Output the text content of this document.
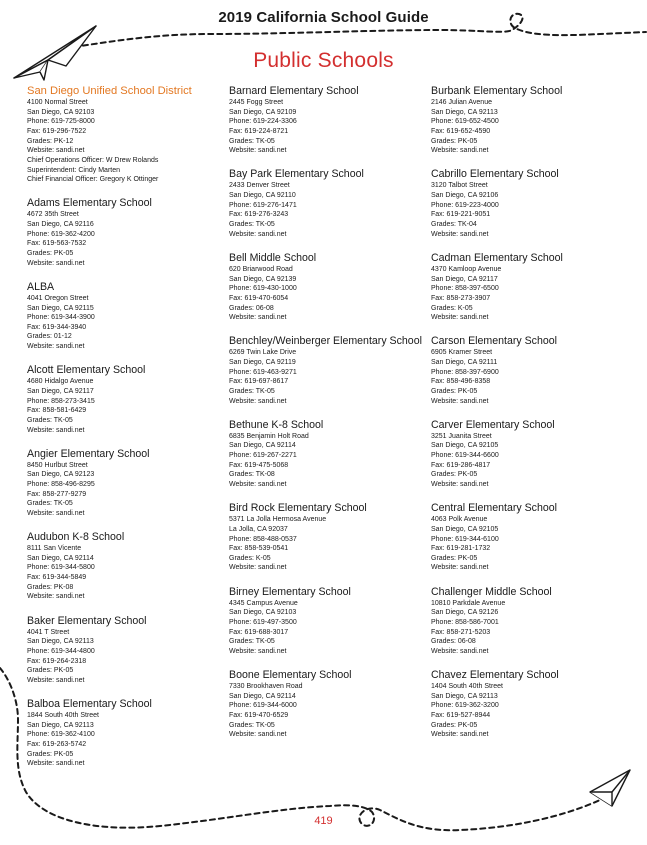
2019 California School Guide
Public Schools
San Diego Unified School District
4100 Normal Street
San Diego, CA 92103
Phone: 619-725-8000
Fax: 619-296-7522
Grades: PK-12
Website: sandi.net
Chief Operations Officer: W Drew Rolands
Superintendent: Cindy Marten
Chief Financial Officer: Gregory K Ottinger
Adams Elementary School
4672 35th Street
San Diego, CA 92116
Phone: 619-362-4200
Fax: 619-563-7532
Grades: PK-05
Website: sandi.net
ALBA
4041 Oregon Street
San Diego, CA 92115
Phone: 619-344-3900
Fax: 619-344-3940
Grades: 01-12
Website: sandi.net
Alcott Elementary School
4680 Hidalgo Avenue
San Diego, CA 92117
Phone: 858-273-3415
Fax: 858-581-6429
Grades: TK-05
Website: sandi.net
Angier Elementary School
8450 Hurlbut Street
San Diego, CA 92123
Phone: 858-496-8295
Fax: 858-277-9279
Grades: TK-05
Website: sandi.net
Audubon K-8 School
8111 San Vicente
San Diego, CA 92114
Phone: 619-344-5800
Fax: 619-344-5849
Grades: PK-08
Website: sandi.net
Baker Elementary School
4041 T Street
San Diego, CA 92113
Phone: 619-344-4800
Fax: 619-264-2318
Grades: PK-05
Website: sandi.net
Balboa Elementary School
1844 South 40th Street
San Diego, CA 92113
Phone: 619-362-4100
Fax: 619-263-5742
Grades: PK-05
Website: sandi.net
Barnard Elementary School
2445 Fogg Street
San Diego, CA 92109
Phone: 619-224-3306
Fax: 619-224-8721
Grades: TK-05
Website: sandi.net
Bay Park Elementary School
2433 Denver Street
San Diego, CA 92110
Phone: 619-276-1471
Fax: 619-276-3243
Grades: TK-05
Website: sandi.net
Bell Middle School
620 Briarwood Road
San Diego, CA 92139
Phone: 619-430-1000
Fax: 619-470-6054
Grades: 06-08
Website: sandi.net
Benchley/Weinberger Elementary School
6269 Twin Lake Drive
San Diego, CA 92119
Phone: 619-463-9271
Fax: 619-697-8617
Grades: TK-05
Website: sandi.net
Bethune K-8 School
6835 Benjamin Holt Road
San Diego, CA 92114
Phone: 619-267-2271
Fax: 619-475-5068
Grades: TK-08
Website: sandi.net
Bird Rock Elementary School
5371 La Jolla Hermosa Avenue
La Jolla, CA 92037
Phone: 858-488-0537
Fax: 858-539-0541
Grades: K-05
Website: sandi.net
Birney Elementary School
4345 Campus Avenue
San Diego, CA 92103
Phone: 619-497-3500
Fax: 619-688-3017
Grades: TK-05
Website: sandi.net
Boone Elementary School
7330 Brookhaven Road
San Diego, CA 92114
Phone: 619-344-6000
Fax: 619-470-6529
Grades: TK-05
Website: sandi.net
Burbank Elementary School
2146 Julian Avenue
San Diego, CA 92113
Phone: 619-652-4500
Fax: 619-652-4590
Grades: PK-05
Website: sandi.net
Cabrillo Elementary School
3120 Talbot Street
San Diego, CA 92106
Phone: 619-223-4000
Fax: 619-221-9051
Grades: TK-04
Website: sandi.net
Cadman Elementary School
4370 Kamloop Avenue
San Diego, CA 92117
Phone: 858-397-6500
Fax: 858-273-3907
Grades: K-05
Website: sandi.net
Carson Elementary School
6905 Kramer Street
San Diego, CA 92111
Phone: 858-397-6900
Fax: 858-496-8358
Grades: PK-05
Website: sandi.net
Carver Elementary School
3251 Juanita Street
San Diego, CA 92105
Phone: 619-344-6600
Fax: 619-286-4817
Grades: PK-05
Website: sandi.net
Central Elementary School
4063 Polk Avenue
San Diego, CA 92105
Phone: 619-344-6100
Fax: 619-281-1732
Grades: PK-05
Website: sandi.net
Challenger Middle School
10810 Parkdale Avenue
San Diego, CA 92126
Phone: 858-586-7001
Fax: 858-271-5203
Grades: 06-08
Website: sandi.net
Chavez Elementary School
1404 South 40th Street
San Diego, CA 92113
Phone: 619-362-3200
Fax: 619-527-8944
Grades: PK-05
Website: sandi.net
419
